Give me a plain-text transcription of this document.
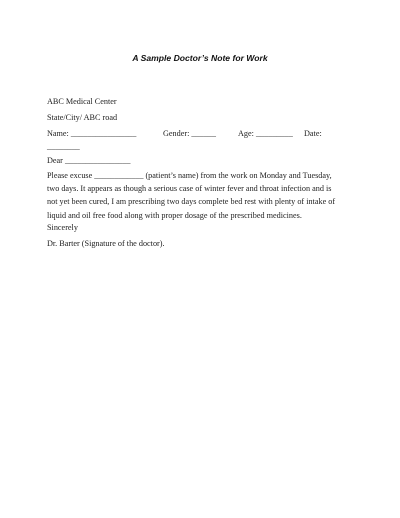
A Sample Doctor’s Note for Work
ABC Medical Center
State/City/ ABC road
Name: ________________	Gender: ______	Age: _________ Date:
________
Dear ________________
Please excuse ____________ (patient’s name) from the work on Monday and Tuesday,
two days. It appears as though a serious case of winter fever and throat infection and is
not yet been cured, I am prescribing two days complete bed rest with plenty of intake of
liquid and oil free food along with proper dosage of the prescribed medicines.
Sincerely
Dr. Barter (Signature of the doctor).
